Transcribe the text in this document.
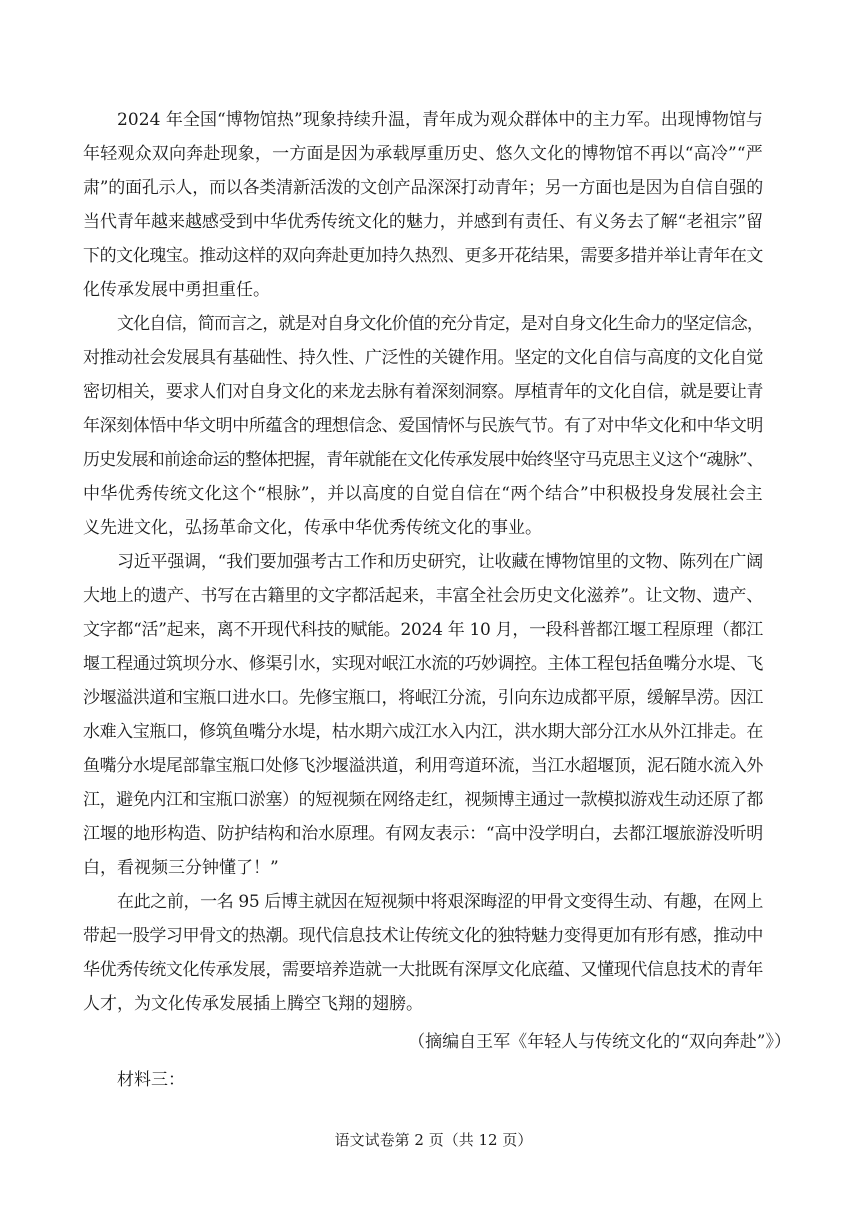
2024 年全国“博物馆热”现象持续升温，青年成为观众群体中的主力军。出现博物馆与
年轻观众双向奔赴现象，一方面是因为承载厚重历史、悠久文化的博物馆不再以“高冷”“严
肃”的面孔示人，而以各类清新活泼的文创产品深深打动青年；另一方面也是因为自信自强的
当代青年越来越感受到中华优秀传统文化的魅力，并感到有责任、有义务去了解“老祖宗”留
下的文化瑰宝。推动这样的双向奔赴更加持久热烈、更多开花结果，需要多措并举让青年在文
化传承发展中勇担重任。

文化自信，简而言之，就是对自身文化价值的充分肯定，是对自身文化生命力的坚定信念，
对推动社会发展具有基础性、持久性、广泛性的关键作用。坚定的文化自信与高度的文化自觉
密切相关，要求人们对自身文化的来龙去脉有着深刻洞察。厚植青年的文化自信，就是要让青
年深刻体悟中华文明中所蕴含的理想信念、爱国情怀与民族气节。有了对中华文化和中华文明
历史发展和前途命运的整体把握，青年就能在文化传承发展中始终坚守马克思主义这个“魂脉”、
中华优秀传统文化这个“根脉”，并以高度的自觉自信在“两个结合”中积极投身发展社会主
义先进文化，弘扬革命文化，传承中华优秀传统文化的事业。

习近平强调，“我们要加强考古工作和历史研究，让收藏在博物馆里的文物、陈列在广阔
大地上的遗产、书写在古籍里的文字都活起来，丰富全社会历史文化滋养”。让文物、遗产、
文字都“活”起来，离不开现代科技的赋能。2024 年 10 月，一段科普都江堰工程原理（都江
堰工程通过筑坝分水、修渠引水，实现对岷江水流的巧妙调控。主体工程包括鱼嘴分水堤、飞
沙堰溢洪道和宝瓶口进水口。先修宝瓶口，将岷江分流，引向东边成都平原，缓解旱涝。因江
水难入宝瓶口，修筑鱼嘴分水堤，枯水期六成江水入内江，洪水期大部分江水从外江排走。在
鱼嘴分水堤尾部靠宝瓶口处修飞沙堰溢洪道，利用弯道环流，当江水超堰顶，泥石随水流入外
江，避免内江和宝瓶口淤塞）的短视频在网络走红，视频博主通过一款模拟游戏生动还原了都
江堰的地形构造、防护结构和治水原理。有网友表示：“高中没学明白，去都江堰旅游没听明
白，看视频三分钟懂了！”

在此之前，一名 95 后博主就因在短视频中将艰深晦涩的甲骨文变得生动、有趣，在网上
带起一股学习甲骨文的热潮。现代信息技术让传统文化的独特魅力变得更加有形有感，推动中
华优秀传统文化传承发展，需要培养造就一大批既有深厚文化底蕴、又懂现代信息技术的青年
人才，为文化传承发展插上腾空飞翔的翅膀。

（摘编自王军《年轻人与传统文化的“双向奔赴”》）
材料三：
语文试卷第 2 页（共 12 页）
